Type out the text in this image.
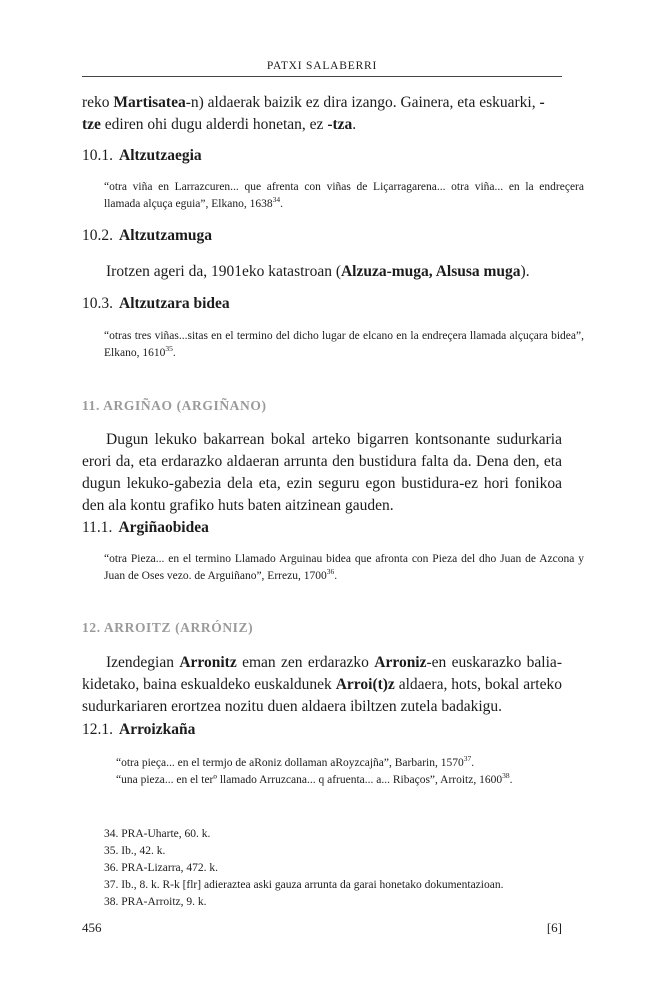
PATXI SALABERRI

reko Martisatea-n) aldaerak baizik ez dira izango. Gainera, eta eskuarki, -tze ediren ohi dugu alderdi honetan, ez -tza.

10.1. Altzutzaegia

“otra viña en Larrazcuren... que afrenta con viñas de Liçarragarena... otra viña... en la endreçera llamada alçuça eguia”, Elkano, 1638$^{34}$.

10.2. Altzutzamuga

Irotzen ageri da, 1901eko katastroan (Alzuza-muga, Alsusa muga).

10.3. Altzutzara bidea

“otras tres viñas...sitas en el termino del dicho lugar de elcano en la endreçera llamada alçuçara bidea”, Elkano, 1610$^{35}$.

11. ARGIÑAO (ARGIÑANO)

Dugun lekuko bakarrean bokal arteko bigarren kontsonante sudurkaria erori da, eta erdarazko aldaeran arrunta den bustidura falta da. Dena den, eta dugun lekuko-gabezia dela eta, ezin seguru egon bustidura-ez hori fonikoa den ala kontu grafiko huts baten aitzinean gauden.

11.1. Argiñaobidea

“otra Pieza... en el termino Llamado Arguinau bidea que afronta con Pieza del dho Juan de Azcona y Juan de Oses vezo. de Arguiñano”, Errezu, 1700$^{36}$.

12. ARROITZ (ARRÓNIZ)

Izendegian Arronitz eman zen erdarazko Arroniz-en euskarazko baliakidetako, baina eskualdeko euskaldunek Arroi(t)z aldaera, hots, bokal arteko sudurkariaren erortzea nozitu duen aldaera ibiltzen zutela badakigu.

12.1. Arroizkaña

“otra pieça... en el termjo de aRoniz dollaman aRoyzcajña”, Barbarin, 1570$^{37}$.

“una pieza... en el terº llamado Arruzcana... q afruenta... a... Ribaços”, Arroitz, 1600$^{38}$.

34. PRA-Uharte, 60. k.

35. Ib., 42. k.

36. PRA-Lizarra, 472. k.

37. Ib., 8. k. R-k [flr] adieraztea aski gauza arrunta da garai honetako dokumentazioan.

38. PRA-Arroitz, 9. k.

456	[6]
